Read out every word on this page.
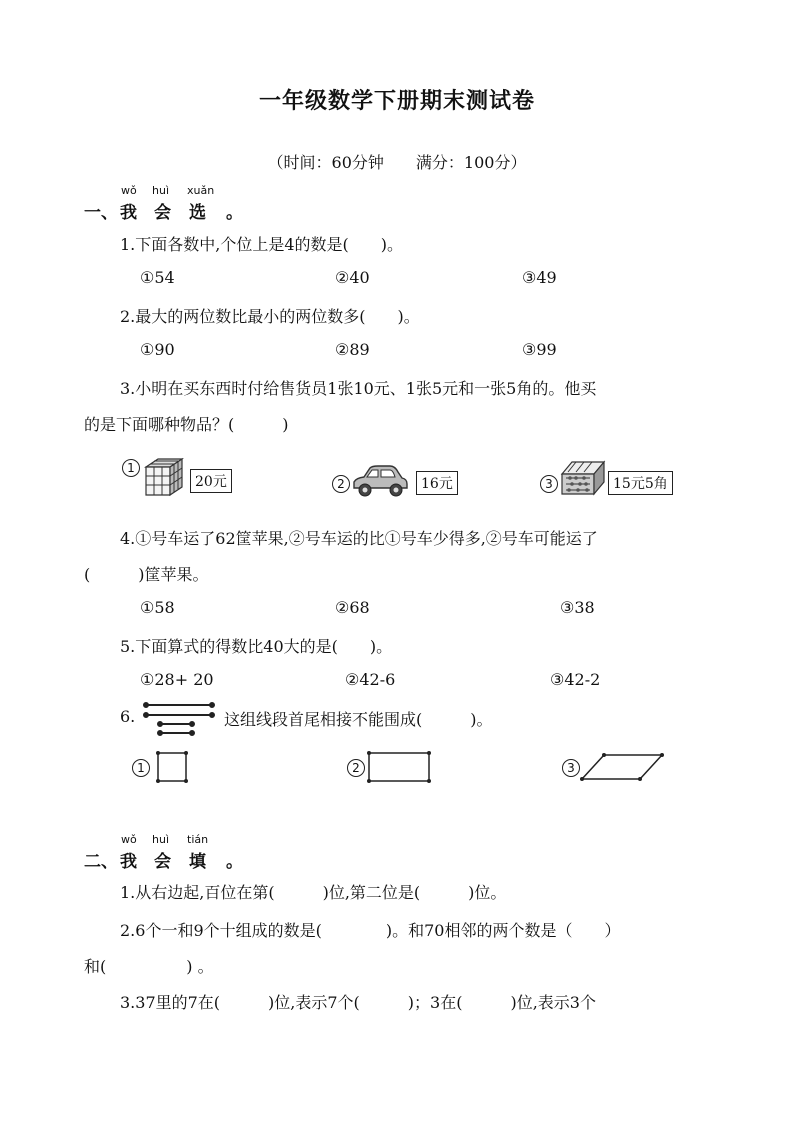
一年级数学下册期末测试卷
（时间：60分钟　　满分：100分）
wǒ huì xuǎn
一、 我 会 选 。
1.下面各数中,个位上是4的数是(　　)。
①54	②40	③49
2.最大的两位数比最小的两位数多(　　)。
①90	②89	③99
3.小明在买东西时付给售货员1张10元、1张5元和一张5角的。他买
的是下面哪种物品？(　　　)
1
20元	2	16元	3	15元5角
4.①号车运了62筐苹果,②号车运的比①号车少得多,②号车可能运了
(　　　)筐苹果。
①58	②68	③38
5.下面算式的得数比40大的是(　　)。
①28+ 20	②42-6	③42-2
6.	这组线段首尾相接不能围成(　　　)。
1	2	3
wǒ huì tián
二、 我 会 填 。
1.从右边起,百位在第(　　　)位,第二位是(　　　)位。
2.6个一和9个十组成的数是(　　　　)。和70相邻的两个数是（　　）
和(　　　　　) 。
3.37里的7在(　　　)位,表示7个(　　　)；3在(　　　)位,表示3个
